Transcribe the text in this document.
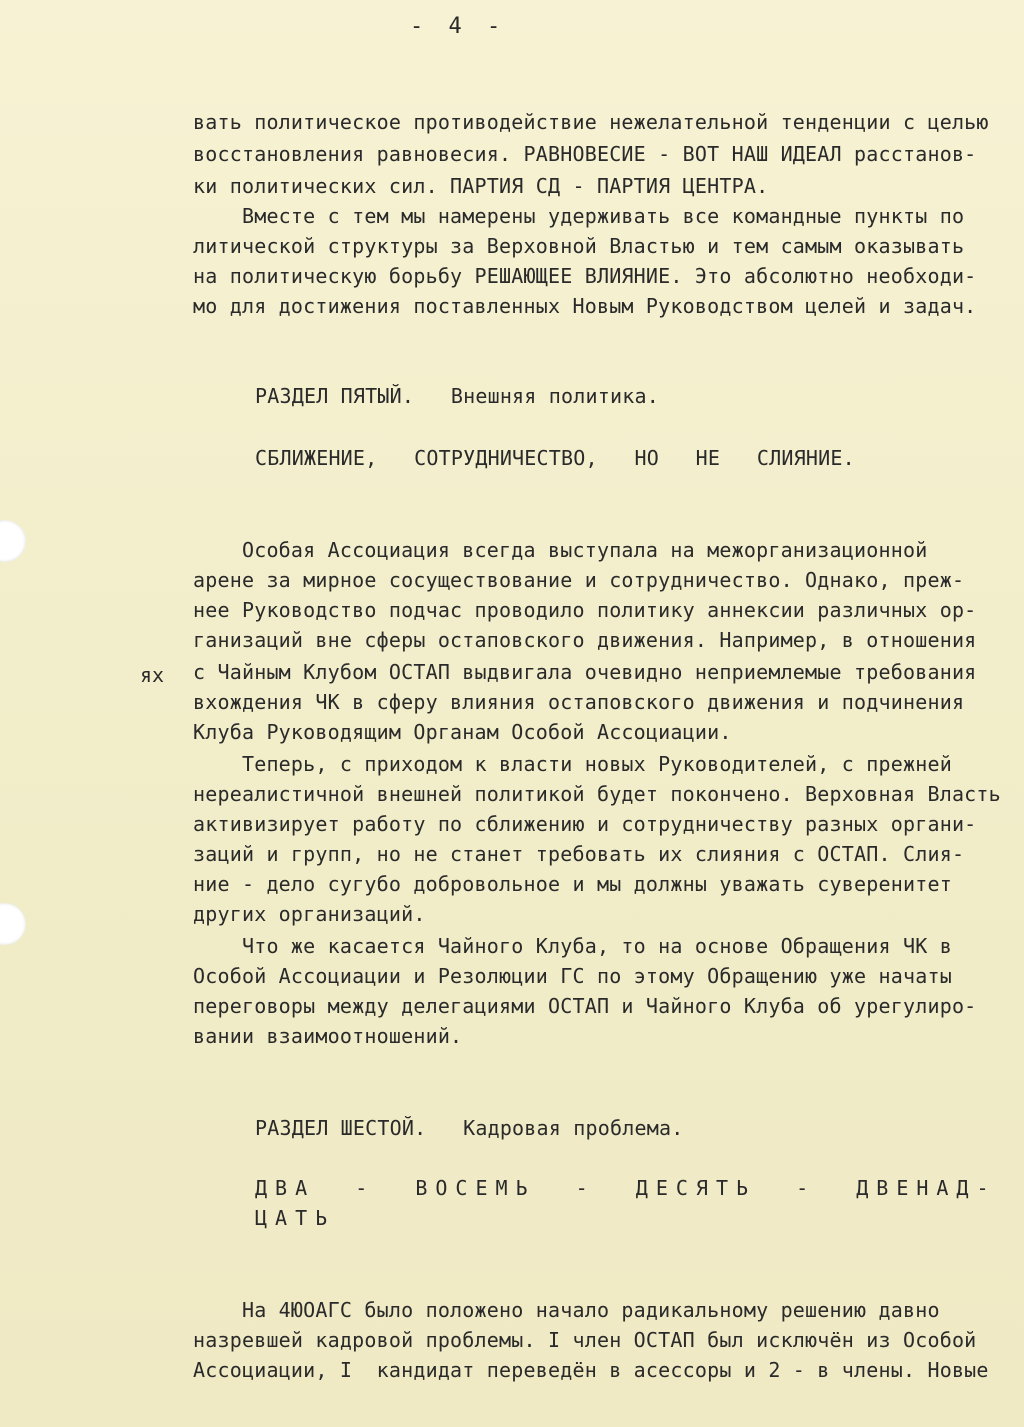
- 4 -
вать политическое противодействие нежелательной тенденции с целью
восстановления равновесия. РАВНОВЕСИЕ - ВОТ НАШ ИДЕАЛ расстанов-
ки политических сил. ПАРТИЯ СД - ПАРТИЯ ЦЕНТРА.
Вместе с тем мы намерены удерживать все командные пункты по
литической структуры за Верховной Властью и тем самым оказывать
на политическую борьбу РЕШАЮЩЕЕ ВЛИЯНИЕ. Это абсолютно необходи-
мо для достижения поставленных Новым Руководством целей и задач.
РАЗДЕЛ ПЯТЫЙ.   Внешняя политика.
СБЛИЖЕНИЕ,   СОТРУДНИЧЕСТВО,   НО   НЕ   СЛИЯНИЕ.
Особая Ассоциация всегда выступала на межорганизационной
арене за мирное сосуществование и сотрудничество. Однако, преж-
нее Руководство подчас проводило политику аннексии различных ор-
ганизаций вне сферы остаповского движения. Например, в отношения
ях с Чайным Клубом ОСТАП выдвигала очевидно неприемлемые требования
вхождения ЧК в сферу влияния остаповского движения и подчинения
Клуба Руководящим Органам Особой Ассоциации.
Теперь, с приходом к власти новых Руководителей, с прежней
нереалистичной внешней политикой будет покончено. Верховная Власть
активизирует работу по сближению и сотрудничеству разных органи-
заций и групп, но не станет требовать их слияния с ОСТАП. Слия-
ние - дело сугубо добровольное и мы должны уважать суверенитет
других организаций.
Что же касается Чайного Клуба, то на основе Обращения ЧК в
Особой Ассоциации и Резолюции ГС по этому Обращению уже начаты
переговоры между делегациями ОСТАП и Чайного Клуба об урегулиро-
вании взаимоотношений.
РАЗДЕЛ ШЕСТОЙ.   Кадровая проблема.
ДВА  -  ВОСЕМЬ  -  ДЕСЯТЬ  -  ДВЕНАД-
ЦАТЬ
На 4ЮОАГС было положено начало радикальному решению давно
назревшей кадровой проблемы. I член ОСТАП был исключён из Особой
Ассоциации, I  кандидат переведён в асессоры и 2 - в члены. Новые
